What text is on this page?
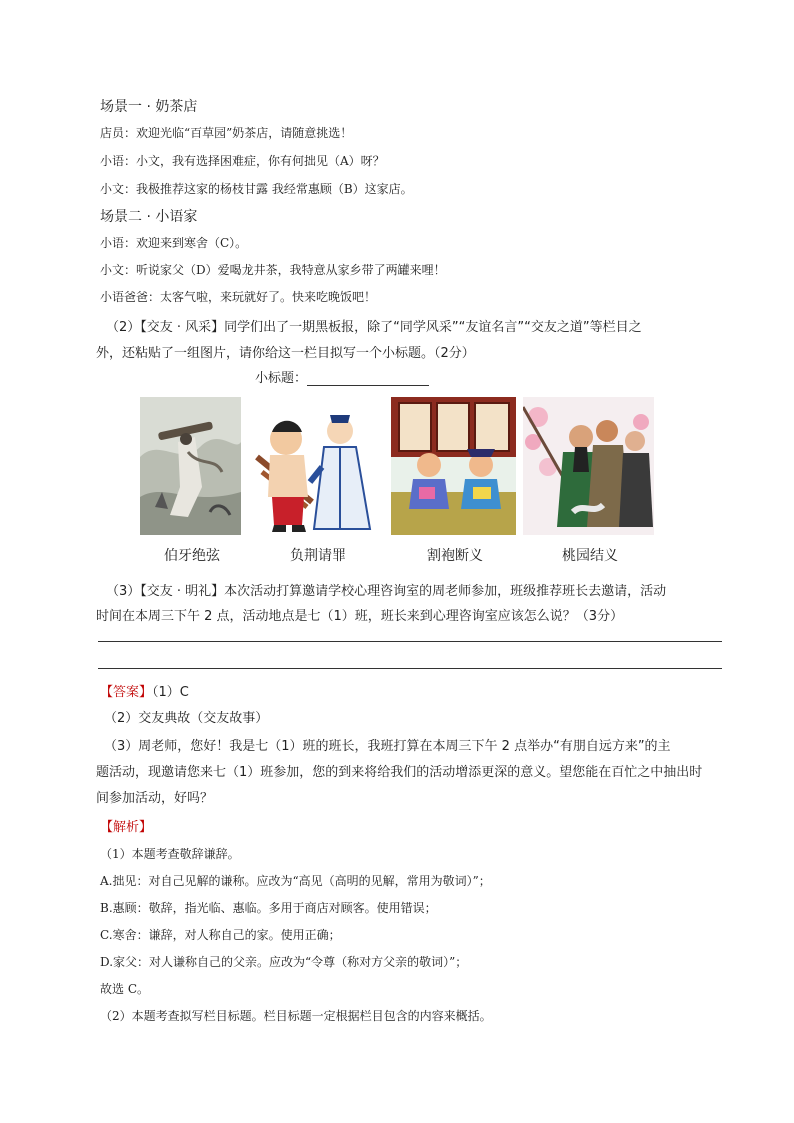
场景一 · 奶茶店
店员：欢迎光临“百草园”奶茶店，请随意挑选！
小语：小文，我有选择困难症，你有何拙见（A）呀？
小文：我极推荐这家的杨枝甘露 我经常惠顾（B）这家店。
场景二 · 小语家
小语：欢迎来到寒舍（C）。
小文：听说家父（D）爱喝龙井茶，我特意从家乡带了两罐来哩！
小语爸爸：太客气啦，来玩就好了。快来吃晚饭吧！
（2）【交友 · 风采】同学们出了一期黑板报，除了“同学风采”“友谊名言”“交友之道”等栏目之
外，还粘贴了一组图片，请你给这一栏目拟写一个小标题。（2分）
小标题：
伯牙绝弦	负荆请罪	割袍断义	桃园结义
（3）【交友 · 明礼】本次活动打算邀请学校心理咨询室的周老师参加，班级推荐班长去邀请，活动
时间在本周三下午 2 点，活动地点是七（1）班，班长来到心理咨询室应该怎么说？（3分）
【答案】（1）C
（2）交友典故（交友故事）
（3）周老师，您好！我是七（1）班的班长，我班打算在本周三下午 2 点举办“有朋自远方来”的主
题活动，现邀请您来七（1）班参加，您的到来将给我们的活动增添更深的意义。望您能在百忙之中抽出时
间参加活动，好吗？
【解析】
（1）本题考查敬辞谦辞。
A.拙见：对自己见解的谦称。应改为“高见（高明的见解，常用为敬词）”；
B.惠顾：敬辞，指光临、惠临。多用于商店对顾客。使用错误；
C.寒舍：谦辞，对人称自己的家。使用正确；
D.家父：对人谦称自己的父亲。应改为“令尊（称对方父亲的敬词）”；
故选 C。
（2）本题考查拟写栏目标题。栏目标题一定根据栏目包含的内容来概括。
